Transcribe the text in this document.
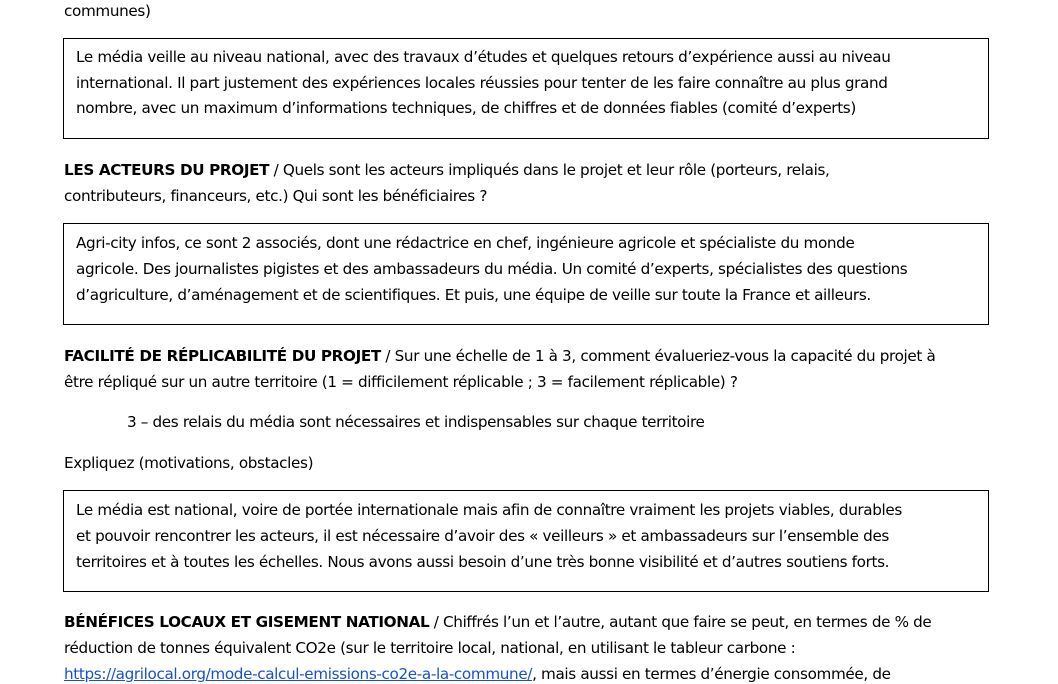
communes)
Le média veille au niveau national, avec des travaux d’études et quelques retours d’expérience aussi au niveau
international. Il part justement des expériences locales réussies pour tenter de les faire connaître au plus grand
nombre, avec un maximum d’informations techniques, de chiffres et de données fiables (comité d’experts)
LES ACTEURS DU PROJET / Quels sont les acteurs impliqués dans le projet et leur rôle (porteurs, relais,
contributeurs, financeurs, etc.) Qui sont les bénéficiaires ?
Agri-city infos, ce sont 2 associés, dont une rédactrice en chef, ingénieure agricole et spécialiste du monde
agricole. Des journalistes pigistes et des ambassadeurs du média. Un comité d’experts, spécialistes des questions
d’agriculture, d’aménagement et de scientifiques. Et puis, une équipe de veille sur toute la France et ailleurs.
FACILITÉ DE RÉPLICABILITÉ DU PROJET / Sur une échelle de 1 à 3, comment évalueriez-vous la capacité du projet à
être répliqué sur un autre territoire (1 = difficilement réplicable ; 3 = facilement réplicable) ?
3 – des relais du média sont nécessaires et indispensables sur chaque territoire
Expliquez (motivations, obstacles)
Le média est national, voire de portée internationale mais afin de connaître vraiment les projets viables, durables
et pouvoir rencontrer les acteurs, il est nécessaire d’avoir des « veilleurs » et ambassadeurs sur l’ensemble des
territoires et à toutes les échelles. Nous avons aussi besoin d’une très bonne visibilité et d’autres soutiens forts.
BÉNÉFICES LOCAUX ET GISEMENT NATIONAL / Chiffrés l’un et l’autre, autant que faire se peut, en termes de % de
réduction de tonnes équivalent CO2e (sur le territoire local, national, en utilisant le tableur carbone :
https://agrilocal.org/mode-calcul-emissions-co2e-a-la-commune/, mais aussi en termes d’énergie consommée, de
